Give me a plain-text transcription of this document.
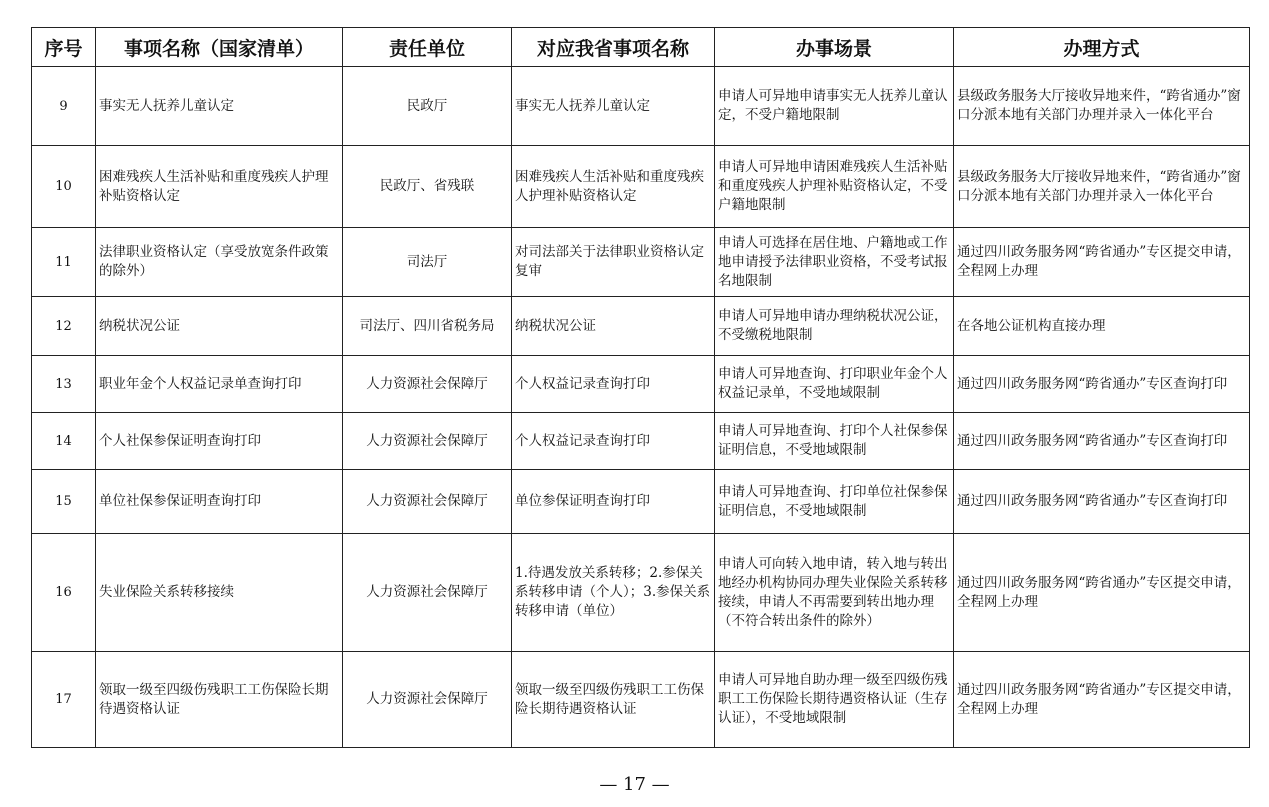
序号	事项名称（国家清单）	责任单位	对应我省事项名称	办事场景	办理方式
9	事实无人抚养儿童认定	民政厅	事实无人抚养儿童认定	申请人可异地申请事实无人抚养儿童认定，不受户籍地限制	县级政务服务大厅接收异地来件，“跨省通办”窗口分派本地有关部门办理并录入一体化平台
10	困难残疾人生活补贴和重度残疾人护理补贴资格认定	民政厅、省残联	困难残疾人生活补贴和重度残疾人护理补贴资格认定	申请人可异地申请困难残疾人生活补贴和重度残疾人护理补贴资格认定，不受户籍地限制	县级政务服务大厅接收异地来件，“跨省通办”窗口分派本地有关部门办理并录入一体化平台
11	法律职业资格认定（享受放宽条件政策的除外）	司法厅	对司法部关于法律职业资格认定复审	申请人可选择在居住地、户籍地或工作地申请授予法律职业资格，不受考试报名地限制	通过四川政务服务网“跨省通办”专区提交申请，全程网上办理
12	纳税状况公证	司法厅、四川省税务局	纳税状况公证	申请人可异地申请办理纳税状况公证，不受缴税地限制	在各地公证机构直接办理
13	职业年金个人权益记录单查询打印	人力资源社会保障厅	个人权益记录查询打印	申请人可异地查询、打印职业年金个人权益记录单，不受地域限制	通过四川政务服务网“跨省通办”专区查询打印
14	个人社保参保证明查询打印	人力资源社会保障厅	个人权益记录查询打印	申请人可异地查询、打印个人社保参保证明信息，不受地域限制	通过四川政务服务网“跨省通办”专区查询打印
15	单位社保参保证明查询打印	人力资源社会保障厅	单位参保证明查询打印	申请人可异地查询、打印单位社保参保证明信息，不受地域限制	通过四川政务服务网“跨省通办”专区查询打印
16	失业保险关系转移接续	人力资源社会保障厅	1.待遇发放关系转移；2.参保关系转移申请（个人）；3.参保关系转移申请（单位）	申请人可向转入地申请，转入地与转出地经办机构协同办理失业保险关系转移接续，申请人不再需要到转出地办理（不符合转出条件的除外）	通过四川政务服务网“跨省通办”专区提交申请，全程网上办理
17	领取一级至四级伤残职工工伤保险长期待遇资格认证	人力资源社会保障厅	领取一级至四级伤残职工工伤保险长期待遇资格认证	申请人可异地自助办理一级至四级伤残职工工伤保险长期待遇资格认证（生存认证），不受地域限制	通过四川政务服务网“跨省通办”专区提交申请，全程网上办理
— 17 —
